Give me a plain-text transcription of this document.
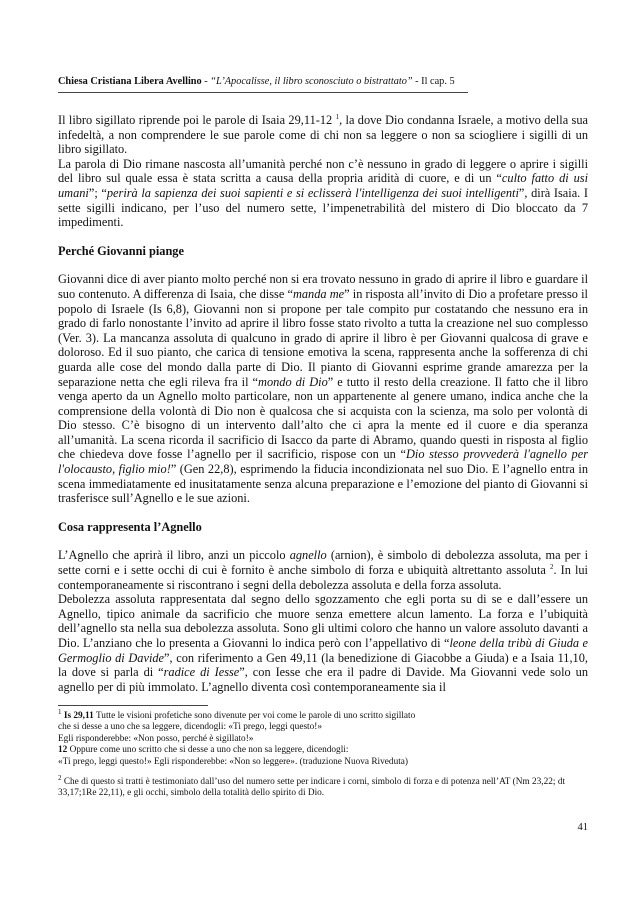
Chiesa Cristiana Libera Avellino - “L’Apocalisse, il libro sconosciuto o bistrattato” - Il cap. 5

Il libro sigillato riprende poi le parole di Isaia 29,11-12 $^1$, la dove Dio condanna Israele, a motivo della sua infedeltà, a non comprendere le sue parole come di chi non sa leggere o non sa sciogliere i sigilli di un libro sigillato.

La parola di Dio rimane nascosta all’umanità perché non c’è nessuno in grado di leggere o aprire i sigilli del libro sul quale essa è stata scritta a causa della propria aridità di cuore, e di un “culto fatto di usi umani”; “perirà la sapienza dei suoi sapienti e si eclisserà l'intelligenza dei suoi intelligenti”, dirà Isaia. I sette sigilli indicano, per l’uso del numero sette, l’impenetrabilità del mistero di Dio bloccato da 7 impedimenti.

Perché Giovanni piange

Giovanni dice di aver pianto molto perché non si era trovato nessuno in grado di aprire il libro e guardare il suo contenuto. A differenza di Isaia, che disse “manda me” in risposta all’invito di Dio a profetare presso il popolo di Israele (Is 6,8), Giovanni non si propone per tale compito pur costatando che nessuno era in grado di farlo nonostante l’invito ad aprire il libro fosse stato rivolto a tutta la creazione nel suo complesso (Ver. 3). La mancanza assoluta di qualcuno in grado di aprire il libro è per Giovanni qualcosa di grave e doloroso. Ed il suo pianto, che carica di tensione emotiva la scena, rappresenta anche la sofferenza di chi guarda alle cose del mondo dalla parte di Dio. Il pianto di Giovanni esprime grande amarezza per la separazione netta che egli rileva fra il “mondo di Dio” e tutto il resto della creazione. Il fatto che il libro venga aperto da un Agnello molto particolare, non un appartenente al genere umano, indica anche che la comprensione della volontà di Dio non è qualcosa che si acquista con la scienza, ma solo per volontà di Dio stesso. C’è bisogno di un intervento dall’alto che ci apra la mente ed il cuore e dia speranza all’umanità. La scena ricorda il sacrificio di Isacco da parte di Abramo, quando questi in risposta al figlio che chiedeva dove fosse l’agnello per il sacrificio, rispose con un “Dio stesso provvederà l'agnello per l'olocausto, figlio mio!” (Gen 22,8), esprimendo la fiducia incondizionata nel suo Dio. E l’agnello entra in scena immediatamente ed inusitatamente senza alcuna preparazione e l’emozione del pianto di Giovanni si trasferisce sull’Agnello e le sue azioni.

Cosa rappresenta l’Agnello

L’Agnello che aprirà il libro, anzi un piccolo agnello (arnion), è simbolo di debolezza assoluta, ma per i sette corni e i sette occhi di cui è fornito è anche simbolo di forza e ubiquità altrettanto assoluta $^2$. In lui contemporaneamente si riscontrano i segni della debolezza assoluta e della forza assoluta.

Debolezza assoluta rappresentata dal segno dello sgozzamento che egli porta su di se e dall’essere un Agnello, tipico animale da sacrificio che muore senza emettere alcun lamento. La forza e l’ubiquità dell’agnello sta nella sua debolezza assoluta. Sono gli ultimi coloro che hanno un valore assoluto davanti a Dio. L’anziano che lo presenta a Giovanni lo indica però con l’appellativo di “leone della tribù di Giuda e Germoglio di Davide”, con riferimento a Gen 49,11 (la benedizione di Giacobbe a Giuda) e a Isaia 11,10, la dove si parla di “radice di Iesse”, con Iesse che era il padre di Davide. Ma Giovanni vede solo un agnello per di più immolato. L’agnello diventa così contemporaneamente sia il

$^1$ Is 29,11 Tutte le visioni profetiche sono divenute per voi come le parole di uno scritto sigillato

che si desse a uno che sa leggere, dicendogli: «Ti prego, leggi questo!»

Egli risponderebbe: «Non posso, perché è sigillato!»

12 Oppure come uno scritto che si desse a uno che non sa leggere, dicendogli:

«Ti prego, leggi questo!» Egli risponderebbe: «Non so leggere». (traduzione Nuova Riveduta)

$^2$ Che di questo si tratti è testimoniato dall’uso del numero sette per indicare i corni, simbolo di forza e di potenza nell’AT (Nm 23,22; dt 33,17;1Re 22,11), e gli occhi, simbolo della totalità dello spirito di Dio.

41
